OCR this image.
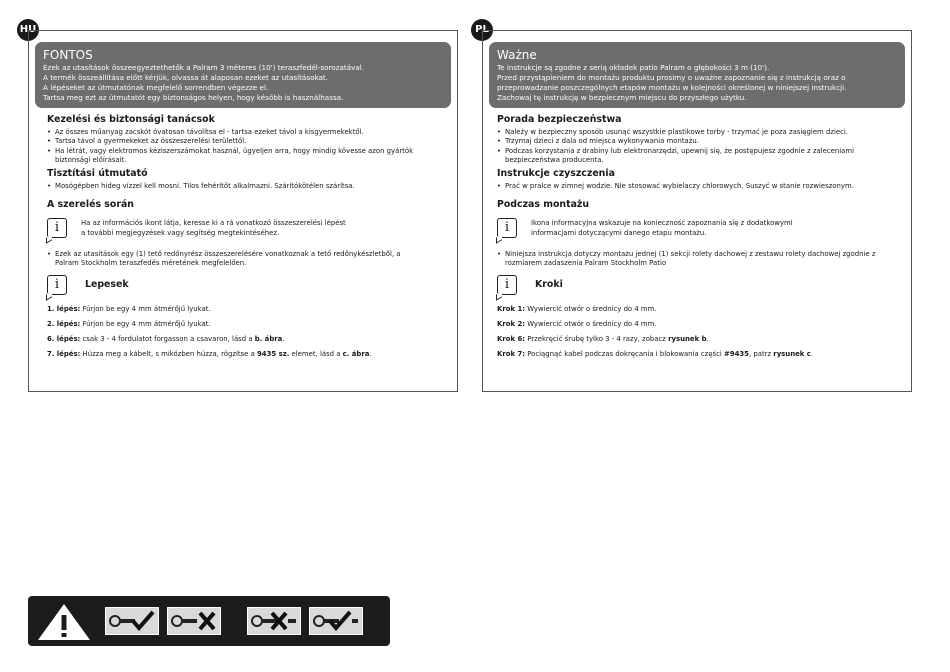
HU
FONTOS
Ezek az utasítások összeegyeztethetők a Palram 3 méteres (10') teraszfedél-sorozatával.
A termék összeállítása előtt kérjük, olvassa át alaposan ezeket az utasításokat.
A lépéseket az útmutatónak megfelelő sorrendben végezze el.
Tartsa meg ezt az útmutatót egy biztonságos helyen, hogy később is használhassa.
Kezelési és biztonsági tanácsok
• Az összes műanyag zacskót óvatosan távolítsa el - tartsa ezeket távol a kisgyermekektől.
• Tartsa távol a gyermekeket az összeszerelési területtől.
• Ha létrát, vagy elektromos kéziszerszámokat használ, ügyeljen arra, hogy mindig kövesse azon gyártók biztonsági előírásait.
Tisztítási útmutató
• Mosógépben hideg vízzel kell mosni. Tilos fehérítőt alkalmazni. Szárítókötélen szárítsa.
A szerelés során
i	Ha az információs ikont látja, keresse ki a rá vonatkozó összeszerelési lépést
a további megjegyzések vagy segítség megtekintéséhez.
• Ezek az utasítások egy (1) tető redőnyrész összeszerelésére vonatkoznak a tető redőnykészletből, a Palram Stockholm teraszfedés méretének megfelelően.
i	Lepesek
1. lépés: Fúrjon be egy 4 mm átmérőjű lyukat.
2. lépés: Fúrjon be egy 4 mm átmérőjű lyukat.
6. lépés: csak 3 - 4 fordulatot forgasson a csavaron, lásd a b. ábra.
7. lépés: Húzza meg a kábelt, s miközben húzza, rögzítse a 9435 sz. elemet, lásd a c. ábra.
PL
Ważne
Te instrukcje są zgodne z serią okładek patio Palram o głębokości 3 m (10').
Przed przystąpieniem do montażu produktu prosimy o uważne zapoznanie się z instrukcją oraz o
przeprowadzanie poszczególnych etapów montażu w kolejności określonej w niniejszej instrukcji.
Zachowaj tę instrukcję w bezpiecznym miejscu do przyszłego użytku.
Porada bezpieczeństwa
• Należy w bezpieczny sposób usunąć wszystkie plastikowe torby - trzymać je poza zasięgiem dzieci.
• Trzymaj dzieci z dala od miejsca wykonywania montażu.
• Podczas korzystania z drabiny lub elektronarzędzi, upewnij się, że postępujesz zgodnie z zaleceniami bezpieczeństwa producenta.
Instrukcje czyszczenia
• Prać w pralce w zimnej wodzie. Nie stosować wybielaczy chlorowych. Suszyć w stanie rozwieszonym.
Podczas montażu
i	Ikona informacyjna wskazuje na konieczność zapoznania się z dodatkowymi
informacjami dotyczącymi danego etapu montażu.
• Niniejsza instrukcja dotyczy montażu jednej (1) sekcji rolety dachowej z zestawu rolety dachowej zgodnie z rozmiarem zadaszenia Palram Stockholm Patio
i	Kroki
Krok 1: Wywiercić otwór o średnicy do 4 mm.
Krok 2: Wywiercić otwór o średnicy do 4 mm.
Krok 6: Przekręcić śrubę tylko 3 - 4 razy, zobacz rysunek b.
Krok 7: Pociągnąć kabel podczas dokręcania i blokowania części #9435, patrz rysunek c.
